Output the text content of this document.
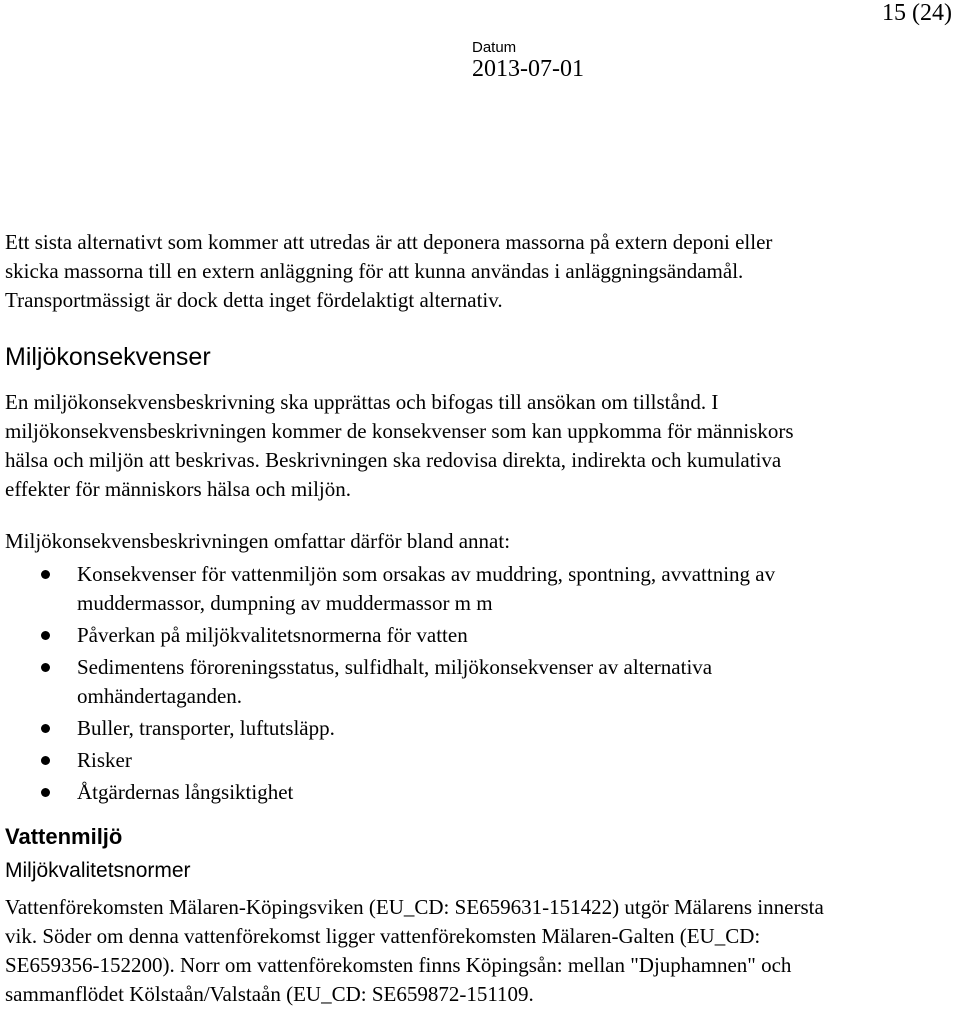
15 (24)
Datum
2013-07-01

Ett sista alternativt som kommer att utredas är att deponera massorna på extern deponi eller skicka massorna till en extern anläggning för att kunna användas i anläggningsändamål. Transportmässigt är dock detta inget fördelaktigt alternativ.

Miljökonsekvenser

En miljökonsekvensbeskrivning ska upprättas och bifogas till ansökan om tillstånd. I miljökonsekvensbeskrivningen kommer de konsekvenser som kan uppkomma för människors hälsa och miljön att beskrivas. Beskrivningen ska redovisa direkta, indirekta och kumulativa effekter för människors hälsa och miljön.

Miljökonsekvensbeskrivningen omfattar därför bland annat:

Konsekvenser för vattenmiljön som orsakas av muddring, spontning, avvattning av muddermassor, dumpning av muddermassor m m
Påverkan på miljökvalitetsnormerna för vatten
Sedimentens föroreningsstatus, sulfidhalt, miljökonsekvenser av alternativa omhändertaganden.
Buller, transporter, luftutsläpp.
Risker
Åtgärdernas långsiktighet
Vattenmiljö
Miljökvalitetsnormer

Vattenförekomsten Mälaren-Köpingsviken (EU_CD: SE659631-151422) utgör Mälarens innersta vik. Söder om denna vattenförekomst ligger vattenförekomsten Mälaren-Galten (EU_CD: SE659356-152200). Norr om vattenförekomsten finns Köpingsån: mellan "Djuphamnen" och sammanflödet Kölstaån/Valstaån (EU_CD: SE659872-151109.
